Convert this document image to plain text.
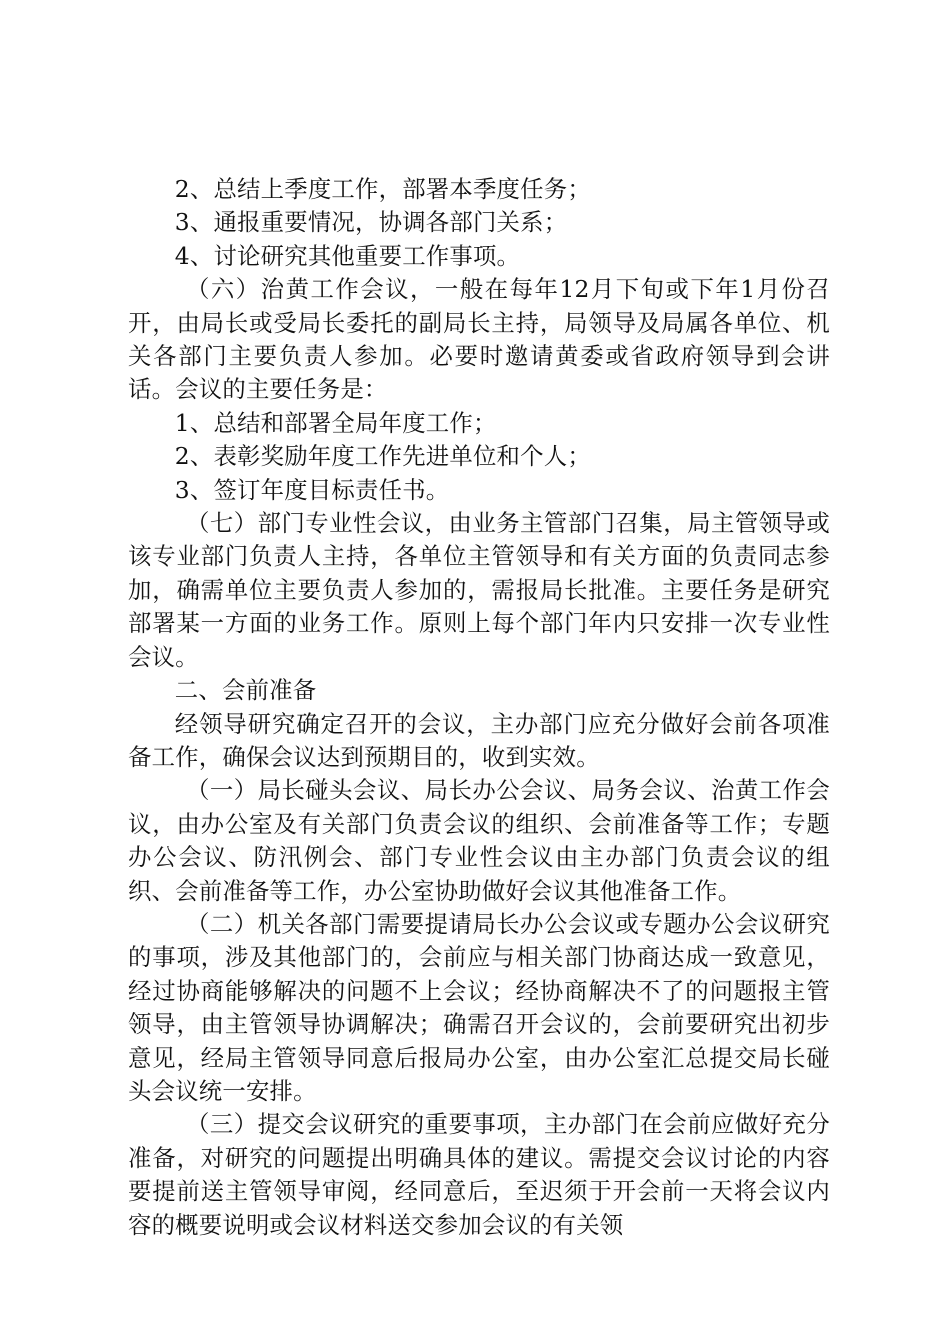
2、总结上季度工作，部署本季度任务；

3、通报重要情况，协调各部门关系；

4、讨论研究其他重要工作事项。

（六）治黄工作会议，一般在每年12月下旬或下年1月份召开，由局长或受局长委托的副局长主持，局领导及局属各单位、机关各部门主要负责人参加。必要时邀请黄委或省政府领导到会讲话。会议的主要任务是：

1、总结和部署全局年度工作；

2、表彰奖励年度工作先进单位和个人；

3、签订年度目标责任书。

（七）部门专业性会议，由业务主管部门召集，局主管领导或该专业部门负责人主持，各单位主管领导和有关方面的负责同志参加，确需单位主要负责人参加的，需报局长批准。主要任务是研究部署某一方面的业务工作。原则上每个部门年内只安排一次专业性会议。

二、会前准备

经领导研究确定召开的会议，主办部门应充分做好会前各项准备工作，确保会议达到预期目的，收到实效。

（一）局长碰头会议、局长办公会议、局务会议、治黄工作会议，由办公室及有关部门负责会议的组织、会前准备等工作；专题办公会议、防汛例会、部门专业性会议由主办部门负责会议的组织、会前准备等工作，办公室协助做好会议其他准备工作。

（二）机关各部门需要提请局长办公会议或专题办公会议研究的事项，涉及其他部门的，会前应与相关部门协商达成一致意见，经过协商能够解决的问题不上会议；经协商解决不了的问题报主管领导，由主管领导协调解决；确需召开会议的，会前要研究出初步意见，经局主管领导同意后报局办公室，由办公室汇总提交局长碰头会议统一安排。

（三）提交会议研究的重要事项，主办部门在会前应做好充分准备，对研究的问题提出明确具体的建议。需提交会议讨论的内容要提前送主管领导审阅，经同意后，至迟须于开会前一天将会议内容的概要说明或会议材料送交参加会议的有关领
